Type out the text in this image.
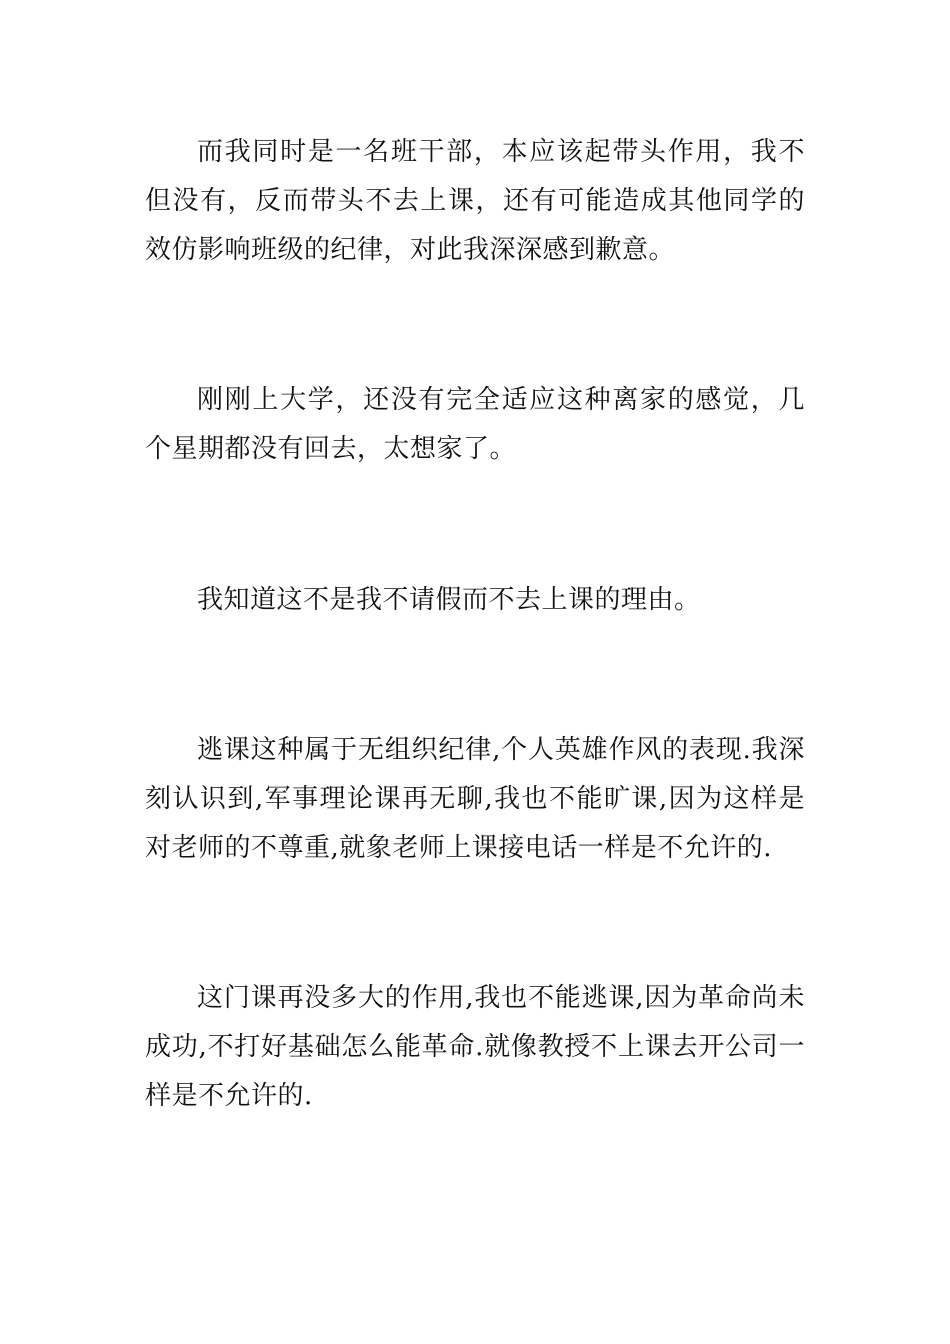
而我同时是一名班干部，本应该起带头作用，我不但没有，反而带头不去上课，还有可能造成其他同学的效仿影响班级的纪律，对此我深深感到歉意。

刚刚上大学，还没有完全适应这种离家的感觉，几个星期都没有回去，太想家了。

我知道这不是我不请假而不去上课的理由。

逃课这种属于无组织纪律,个人英雄作风的表现.我深刻认识到,军事理论课再无聊,我也不能旷课,因为这样是对老师的不尊重,就象老师上课接电话一样是不允许的.

这门课再没多大的作用,我也不能逃课,因为革命尚未成功,不打好基础怎么能革命.就像教授不上课去开公司一样是不允许的.
